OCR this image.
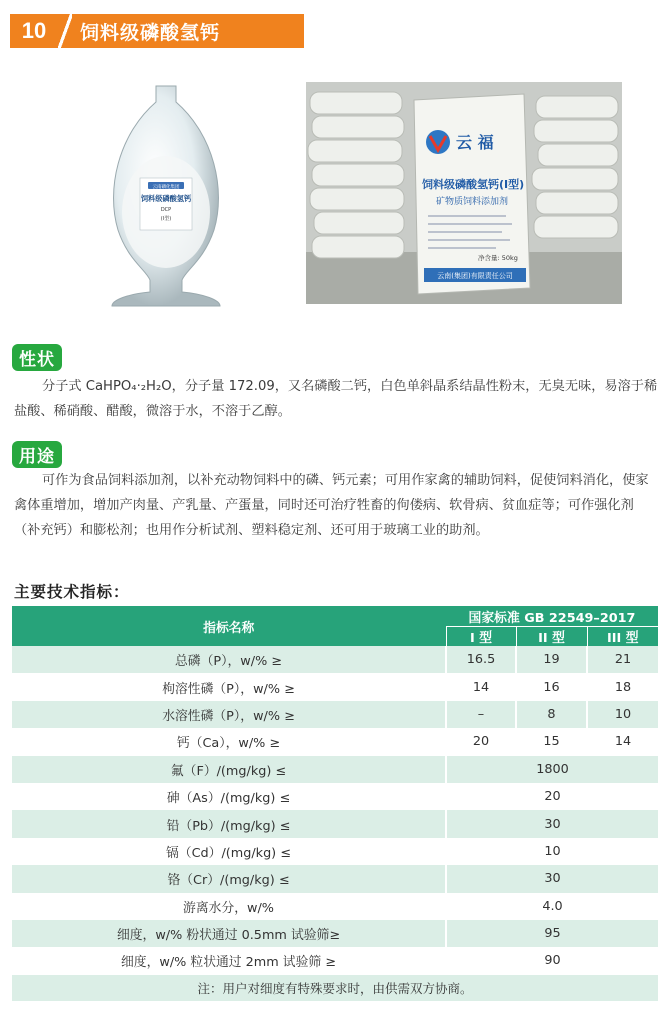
10	饲料级磷酸氢钙
云南磷化集团
饲料级磷酸氢钙
DCP
(I型)
云 福
饲料级磷酸氢钙(I型)
矿物质饲料添加剂
净含量: 50kg
云南(集团)有限责任公司
性状

分子式 CaHPO₄·₂H₂O，分子量 172.09，又名磷酸二钙，白色单斜晶系结晶性粉末，无臭无味，易溶于稀盐酸、稀硝酸、醋酸，微溶于水，不溶于乙醇。

用途

可作为食品饲料添加剂，以补充动物饲料中的磷、钙元素；可用作家禽的辅助饲料，促使饲料消化，使家禽体重增加，增加产肉量、产乳量、产蛋量，同时还可治疗牲畜的佝偻病、软骨病、贫血症等；可作强化剂（补充钙）和膨松剂；也用作分析试剂、塑料稳定剂、还可用于玻璃工业的助剂。

主要技术指标：
指标名称	国家标准 GB 22549–2017		
	I 型	II 型	III 型
总磷（P），w/% ≥	16.5	19	21
枸溶性磷（P），w/% ≥	14	16	18
水溶性磷（P），w/% ≥	–	8	10
钙（Ca），w/% ≥	20	15	14
氟（F）/(mg/kg) ≤	1800		
砷（As）/(mg/kg) ≤	20		
铅（Pb）/(mg/kg) ≤	30		
镉（Cd）/(mg/kg) ≤	10		
铬（Cr）/(mg/kg) ≤	30		
游离水分，w/%	4.0		
细度，w/% 粉状通过 0.5mm 试验筛≥	95		
细度，w/% 粒状通过 2mm 试验筛 ≥	90		
注：用户对细度有特殊要求时，由供需双方协商。			
